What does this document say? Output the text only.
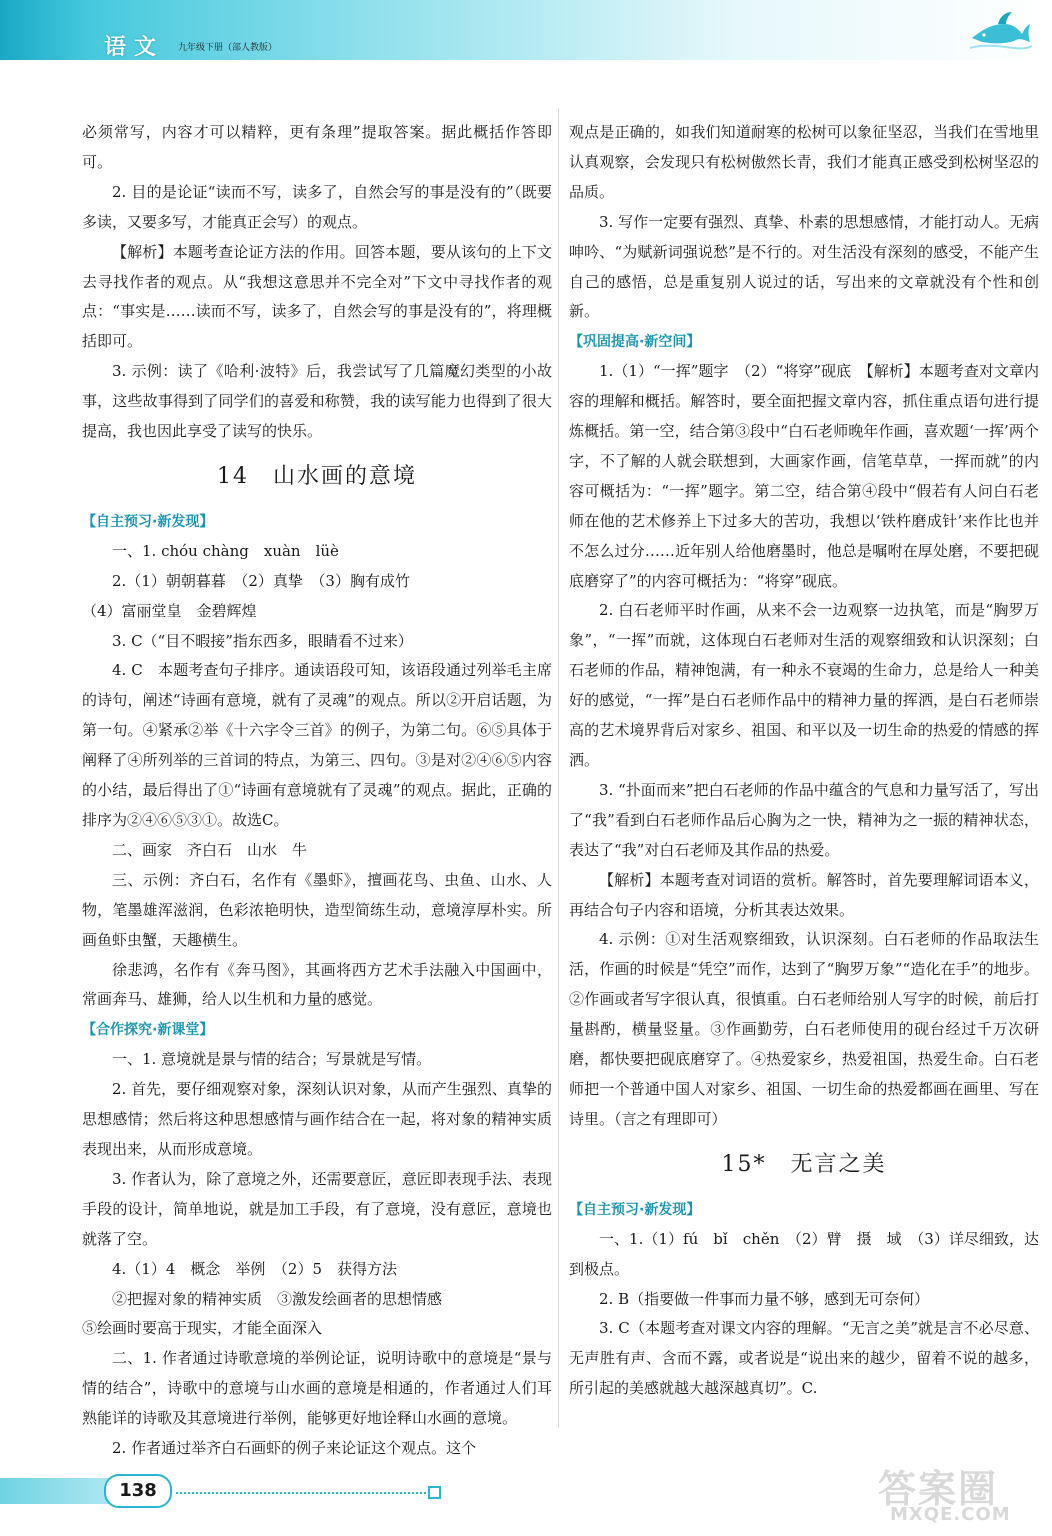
语文 九年级下册（部人教版）

必须常写，内容才可以精粹，更有条理”提取答案。据此概括作答即可。

2. 目的是论证“读而不写，读多了，自然会写的事是没有的”（既要多读，又要多写，才能真正会写）的观点。

【解析】本题考查论证方法的作用。回答本题，要从该句的上下文去寻找作者的观点。从“我想这意思并不完全对”下文中寻找作者的观点：“事实是……读而不写，读多了，自然会写的事是没有的”，将理概括即可。

3. 示例：读了《哈利·波特》后，我尝试写了几篇魔幻类型的小故事，这些故事得到了同学们的喜爱和称赞，我的读写能力也得到了很大提高，我也因此享受了读写的快乐。

14　山水画的意境
【自主预习·新发现】

一、1. chóu chàng　xuàn　lüè

2.（1）朝朝暮暮　（2）真挚　（3）胸有成竹

（4）富丽堂皇　金碧辉煌

3. C（“目不暇接”指东西多，眼睛看不过来）

4. C　本题考查句子排序。通读语段可知，该语段通过列举毛主席的诗句，阐述“诗画有意境，就有了灵魂”的观点。所以②开启话题，为第一句。④紧承②举《十六字令三首》的例子，为第二句。⑥⑤具体于阐释了④所列举的三首词的特点，为第三、四句。③是对②④⑥⑤内容的小结，最后得出了①“诗画有意境就有了灵魂”的观点。据此，正确的排序为②④⑥⑤③①。故选C。

二、画家　齐白石　山水　牛

三、示例：齐白石，名作有《墨虾》，擅画花鸟、虫鱼、山水、人物，笔墨雄浑滋润，色彩浓艳明快，造型简练生动，意境淳厚朴实。所画鱼虾虫蟹，天趣横生。

徐悲鸿，名作有《奔马图》，其画将西方艺术手法融入中国画中，常画奔马、雄狮，给人以生机和力量的感觉。

【合作探究·新课堂】

一、1. 意境就是景与情的结合；写景就是写情。

2. 首先，要仔细观察对象，深刻认识对象，从而产生强烈、真挚的思想感情；然后将这种思想感情与画作结合在一起，将对象的精神实质表现出来，从而形成意境。

3. 作者认为，除了意境之外，还需要意匠，意匠即表现手法、表现手段的设计，简单地说，就是加工手段，有了意境，没有意匠，意境也就落了空。

4.（1）4　概念　举例　（2）5　获得方法

②把握对象的精神实质　③激发绘画者的思想情感

⑤绘画时要高于现实，才能全面深入

二、1. 作者通过诗歌意境的举例论证，说明诗歌中的意境是“景与情的结合”，诗歌中的意境与山水画的意境是相通的，作者通过人们耳熟能详的诗歌及其意境进行举例，能够更好地诠释山水画的意境。

2. 作者通过举齐白石画虾的例子来论证这个观点。这个

观点是正确的，如我们知道耐寒的松树可以象征坚忍，当我们在雪地里认真观察，会发现只有松树傲然长青，我们才能真正感受到松树坚忍的品质。

3. 写作一定要有强烈、真挚、朴素的思想感情，才能打动人。无病呻吟、“为赋新词强说愁”是不行的。对生活没有深刻的感受，不能产生自己的感悟，总是重复别人说过的话，写出来的文章就没有个性和创新。

【巩固提高·新空间】

1.（1）“一挥”题字　（2）“将穿”砚底　【解析】本题考查对文章内容的理解和概括。解答时，要全面把握文章内容，抓住重点语句进行提炼概括。第一空，结合第③段中“白石老师晚年作画，喜欢题‘一挥’两个字，不了解的人就会联想到，大画家作画，信笔草草，一挥而就”的内容可概括为：“一挥”题字。第二空，结合第④段中“假若有人问白石老师在他的艺术修养上下过多大的苦功，我想以‘铁杵磨成针’来作比也并不怎么过分……近年别人给他磨墨时，他总是嘱咐在厚处磨，不要把砚底磨穿了”的内容可概括为：“将穿”砚底。

2. 白石老师平时作画，从来不会一边观察一边执笔，而是“胸罗万象”，“一挥”而就，这体现白石老师对生活的观察细致和认识深刻；白石老师的作品，精神饱满，有一种永不衰竭的生命力，总是给人一种美好的感觉，“一挥”是白石老师作品中的精神力量的挥洒，是白石老师崇高的艺术境界背后对家乡、祖国、和平以及一切生命的热爱的情感的挥洒。

3. “扑面而来”把白石老师的作品中蕴含的气息和力量写活了，写出了“我”看到白石老师作品后心胸为之一快，精神为之一振的精神状态，表达了“我”对白石老师及其作品的热爱。

【解析】本题考查对词语的赏析。解答时，首先要理解词语本义，再结合句子内容和语境，分析其表达效果。

4. 示例：①对生活观察细致，认识深刻。白石老师的作品取法生活，作画的时候是“凭空”而作，达到了“胸罗万象”“造化在手”的地步。②作画或者写字很认真，很慎重。白石老师给别人写字的时候，前后打量斟酌，横量竖量。③作画勤劳，白石老师使用的砚台经过千万次研磨，都快要把砚底磨穿了。④热爱家乡，热爱祖国，热爱生命。白石老师把一个普通中国人对家乡、祖国、一切生命的热爱都画在画里、写在诗里。（言之有理即可）

15*　无言之美
【自主预习·新发现】

一、1.（1）fú　bǐ　chěn　（2）臂　摄　域　（3）详尽细致，达到极点。

2. B（指要做一件事而力量不够，感到无可奈何）

3. C（本题考查对课文内容的理解。“无言之美”就是言不必尽意、无声胜有声、含而不露，或者说是“说出来的越少，留着不说的越多，所引起的美感就越大越深越真切”。C.

138	答案圈
MXQE.COM
